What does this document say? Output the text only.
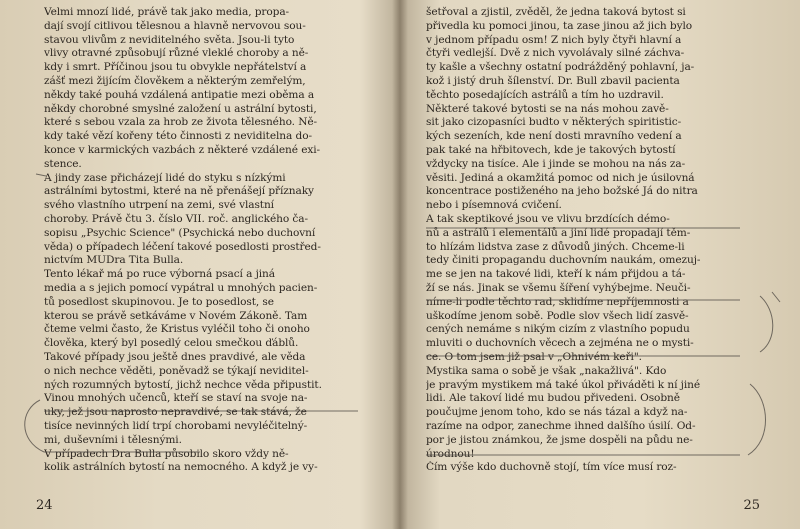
Velmi mnozí lidé, právě tak jako media, propa-
dají svojí citlivou tělesnou a hlavně nervovou sou-
stavou vlivům z neviditelného světa. Jsou-li tyto
vlivy otravné způsobují různé vleklé choroby a ně-
kdy i smrt. Příčinou jsou tu obvykle nepřátelství a
zášť mezi žijícím člověkem a některým zemřelým,
někdy také pouhá vzdálená antipatie mezi oběma a
někdy chorobné smyslné založení u astrální bytosti,
které s sebou vzala za hrob ze života tělesného. Ně-
kdy také vězí kořeny této činnosti z neviditelna do-
konce v karmických vazbách z některé vzdálené exi-
stence.
A jindy zase přicházejí lidé do styku s nízkými
astrálními bytostmi, které na ně přenášejí příznaky
svého vlastního utrpení na zemi, své vlastní
choroby. Právě čtu 3. číslo VII. roč. anglického ča-
sopisu „Psychic Science" (Psychická nebo duchovní
věda) o případech léčení takové posedlosti prostřed-
nictvím MUDra Tita Bulla.
Tento lékař má po ruce výborná psací a jiná
media a s jejich pomocí vypátral u mnohých pacien-
tů posedlost skupinovou. Je to posedlost, se
kterou se právě setkáváme v Novém Zákoně. Tam
čteme velmi často, že Kristus vyléčil toho či onoho
člověka, který byl posedlý celou smečkou ďáblů.
Takové případy jsou ještě dnes pravdivé, ale věda
o nich nechce věděti, poněvadž se týkají neviditel-
ných rozumných bytostí, jichž nechce věda připustit.
Vinou mnohých učenců, kteří se staví na svoje na-
uky, jež jsou naprosto nepravdivé, se tak stává, že
tisíce nevinných lidí trpí chorobami nevyléčitelný-
mi, duševními i tělesnými.
V případech Dra Bulla působilo skoro vždy ně-
kolik astrálních bytostí na nemocného. A když je vy-
24
šetřoval a zjistil, zvěděl, že jedna taková bytost si
přivedla ku pomoci jinou, ta zase jinou až jich bylo
v jednom případu osm! Z nich byly čtyři hlavní a
čtyři vedlejší. Dvě z nich vyvolávaly silné záchva-
ty kašle a všechny ostatní podrážděný pohlavní, ja-
kož i jistý druh šílenství. Dr. Bull zbavil pacienta
těchto posedajících astrálů a tím ho uzdravil.
Některé takové bytosti se na nás mohou zavě-
sit jako cizopasníci budto v některých spiritistic-
kých sezeních, kde není dosti mravního vedení a
pak také na hřbitovech, kde je takových bytostí
vždycky na tisíce. Ale i jinde se mohou na nás za-
věsiti. Jediná a okamžitá pomoc od nich je úsilovná
koncentrace postiženého na jeho božské Já do nitra
nebo i písemnová cvičení.
A tak skeptikové jsou ve vlivu brzdících démo-
nů a astrálů i elementálů a jiní lidé propadají těm-
to hlízám lidstva zase z důvodů jiných. Chceme-li
tedy činiti propagandu duchovním naukám, omezuj-
me se jen na takové lidi, kteří k nám přijdou a tá-
ží se nás. Jinak se všemu šíření vyhýbejme. Neuči-
níme-li podle těchto rad, sklidíme nepříjemnosti a
uškodíme jenom sobě. Podle slov všech lidí zasvě-
cených nemáme s nikým cizím z vlastního popudu
mluviti o duchovních věcech a zejména ne o mysti-
ce. O tom jsem již psal v „Ohnivém keři".
Mystika sama o sobě je však „nakažlivá". Kdo
je pravým mystikem má také úkol přiváděti k ní jiné
lidi. Ale takoví lidé mu budou přivedeni. Osobně
poučujme jenom toho, kdo se nás tázal a když na-
razíme na odpor, zanechme ihned dalšího úsilí. Od-
por je jistou známkou, že jsme dospěli na půdu ne-
úrodnou!
Čím výše kdo duchovně stojí, tím více musí roz-
25
